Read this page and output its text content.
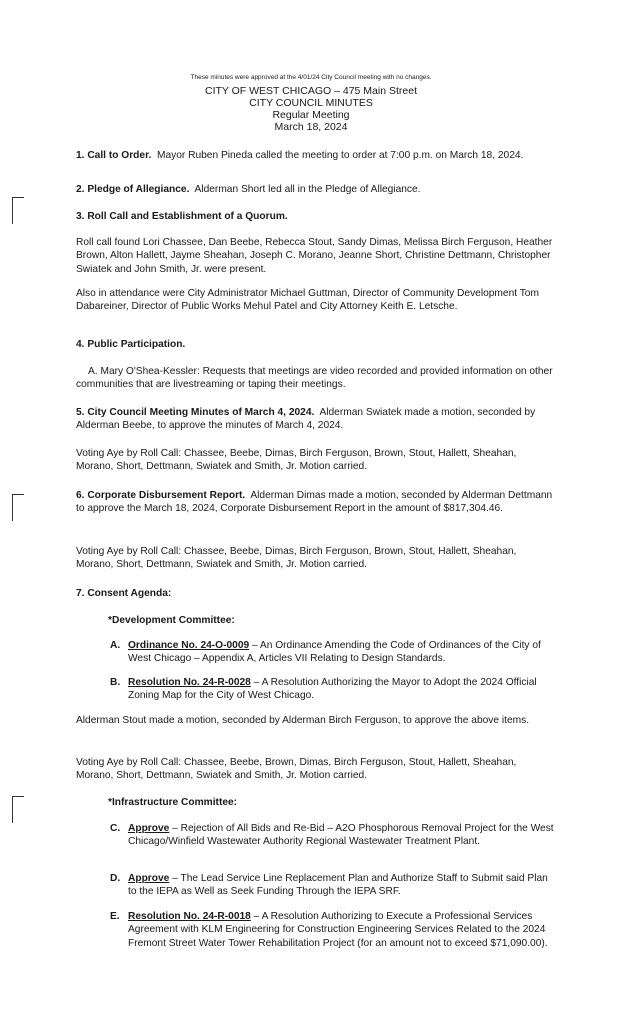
These minutes were approved at the 4/01/24 City Council meeting with no changes.
CITY OF WEST CHICAGO – 475 Main Street
CITY COUNCIL MINUTES
Regular Meeting
March 18, 2024

1. Call to Order. Mayor Ruben Pineda called the meeting to order at 7:00 p.m. on March 18, 2024.

2. Pledge of Allegiance. Alderman Short led all in the Pledge of Allegiance.

3. Roll Call and Establishment of a Quorum.

Roll call found Lori Chassee, Dan Beebe, Rebecca Stout, Sandy Dimas, Melissa Birch Ferguson, Heather Brown, Alton Hallett, Jayme Sheahan, Joseph C. Morano, Jeanne Short, Christine Dettmann, Christopher Swiatek and John Smith, Jr. were present.

Also in attendance were City Administrator Michael Guttman, Director of Community Development Tom Dabareiner, Director of Public Works Mehul Patel and City Attorney Keith E. Letsche.

4. Public Participation.

A. Mary O'Shea-Kessler: Requests that meetings are video recorded and provided information on other communities that are livestreaming or taping their meetings.

5. City Council Meeting Minutes of March 4, 2024. Alderman Swiatek made a motion, seconded by Alderman Beebe, to approve the minutes of March 4, 2024.

Voting Aye by Roll Call: Chassee, Beebe, Dimas, Birch Ferguson, Brown, Stout, Hallett, Sheahan, Morano, Short, Dettmann, Swiatek and Smith, Jr. Motion carried.

6. Corporate Disbursement Report. Alderman Dimas made a motion, seconded by Alderman Dettmann to approve the March 18, 2024, Corporate Disbursement Report in the amount of $817,304.46.

Voting Aye by Roll Call: Chassee, Beebe, Dimas, Birch Ferguson, Brown, Stout, Hallett, Sheahan, Morano, Short, Dettmann, Swiatek and Smith, Jr. Motion carried.

7. Consent Agenda:

*Development Committee:
A. Ordinance No. 24-O-0009 – An Ordinance Amending the Code of Ordinances of the City of West Chicago – Appendix A, Articles VII Relating to Design Standards.
B. Resolution No. 24-R-0028 – A Resolution Authorizing the Mayor to Adopt the 2024 Official Zoning Map for the City of West Chicago.

Alderman Stout made a motion, seconded by Alderman Birch Ferguson, to approve the above items.

Voting Aye by Roll Call: Chassee, Beebe, Brown, Dimas, Birch Ferguson, Stout, Hallett, Sheahan, Morano, Short, Dettmann, Swiatek and Smith, Jr. Motion carried.

*Infrastructure Committee:
C. Approve – Rejection of All Bids and Re-Bid – A2O Phosphorous Removal Project for the West Chicago/Winfield Wastewater Authority Regional Wastewater Treatment Plant.
D. Approve – The Lead Service Line Replacement Plan and Authorize Staff to Submit said Plan to the IEPA as Well as Seek Funding Through the IEPA SRF.
E. Resolution No. 24-R-0018 – A Resolution Authorizing to Execute a Professional Services Agreement with KLM Engineering for Construction Engineering Services Related to the 2024 Fremont Street Water Tower Rehabilitation Project (for an amount not to exceed $71,090.00).
